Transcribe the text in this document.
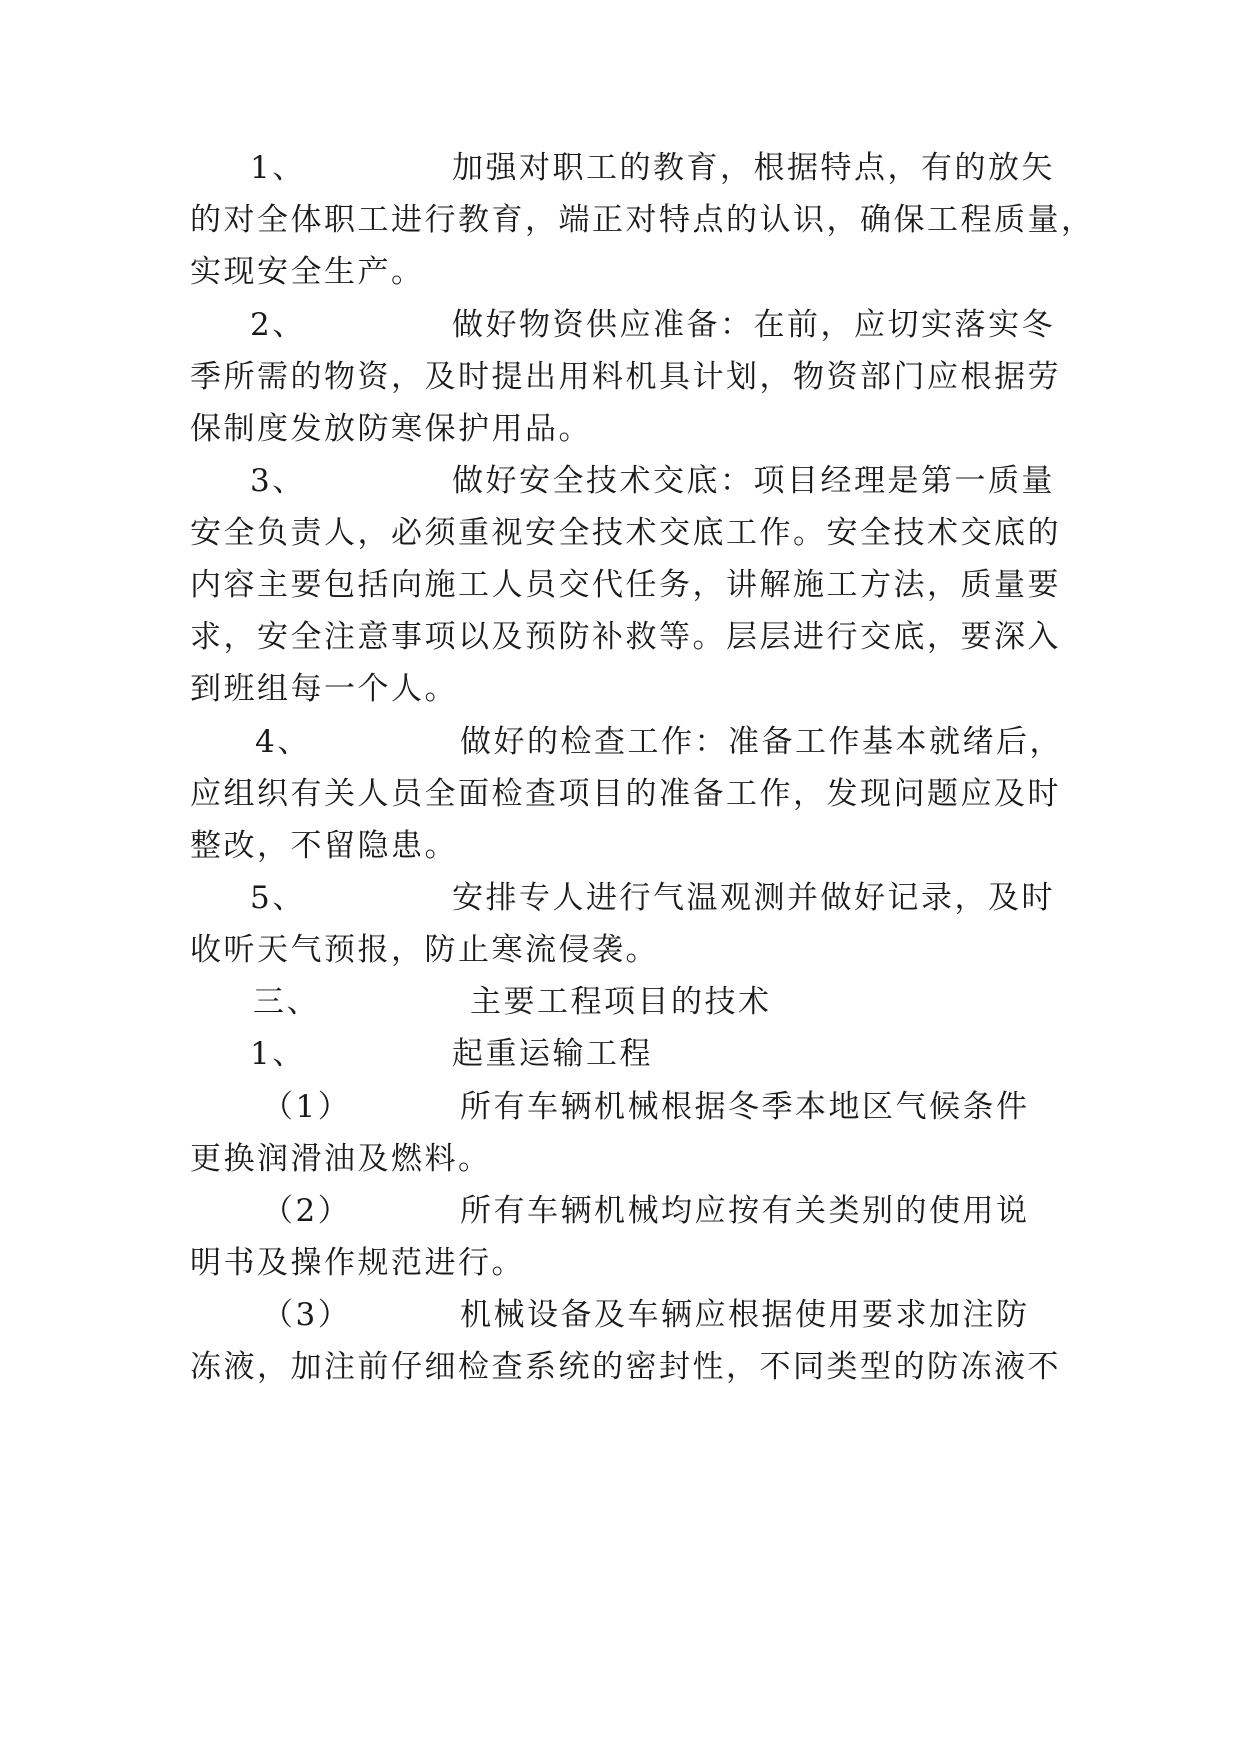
1、	加强对职工的教育，根据特点，有的放矢
的对全体职工进行教育，端正对特点的认识，确保工程质量，
实现安全生产。
2、	做好物资供应准备：在前，应切实落实冬
季所需的物资，及时提出用料机具计划，物资部门应根据劳
保制度发放防寒保护用品。
3、	做好安全技术交底：项目经理是第一质量
安全负责人，必须重视安全技术交底工作。安全技术交底的
内容主要包括向施工人员交代任务，讲解施工方法，质量要
求，安全注意事项以及预防补救等。层层进行交底，要深入
到班组每一个人。
4、	做好的检查工作：准备工作基本就绪后，
应组织有关人员全面检查项目的准备工作，发现问题应及时
整改，不留隐患。
5、	安排专人进行气温观测并做好记录，及时
收听天气预报，防止寒流侵袭。
三、	主要工程项目的技术
1、	起重运输工程
（1）	所有车辆机械根据冬季本地区气候条件
更换润滑油及燃料。
（2）	所有车辆机械均应按有关类别的使用说
明书及操作规范进行。
（3）	机械设备及车辆应根据使用要求加注防
冻液，加注前仔细检查系统的密封性，不同类型的防冻液不
